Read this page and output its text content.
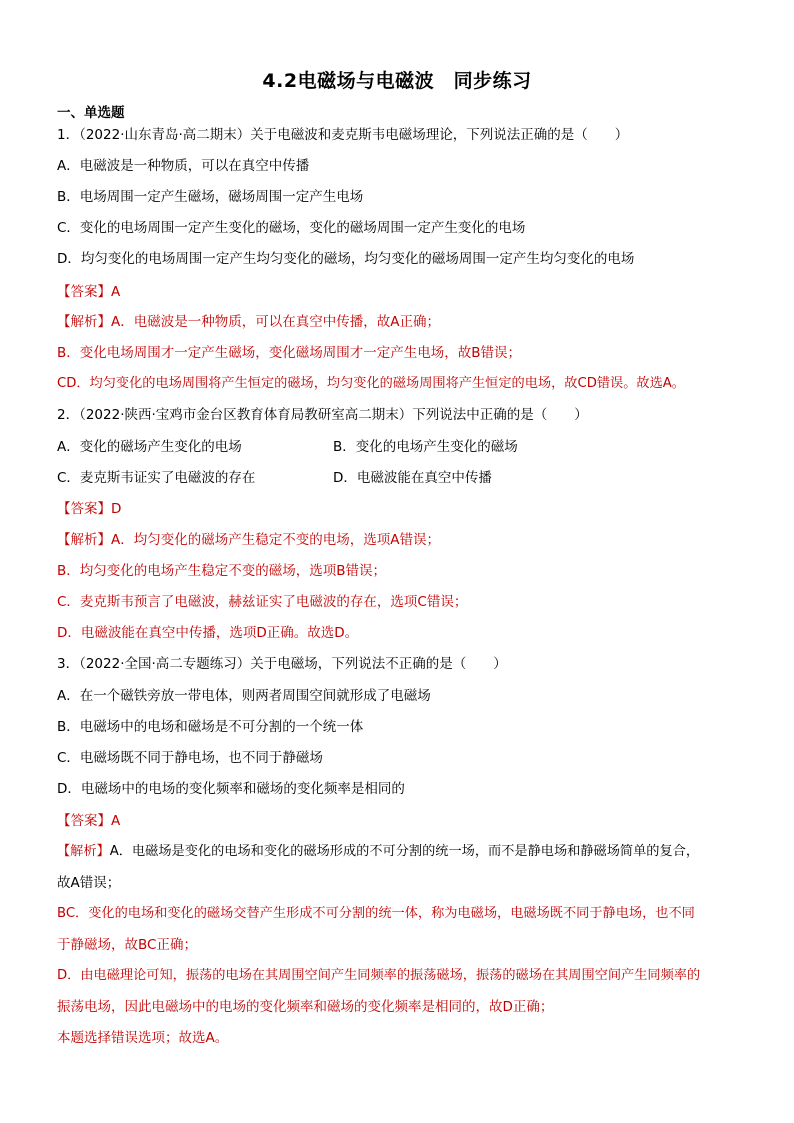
4.2电磁场与电磁波　同步练习
一、单选题
1．（2022·山东青岛·高二期末）关于电磁波和麦克斯韦电磁场理论，下列说法正确的是（　　）
A．电磁波是一种物质，可以在真空中传播
B．电场周围一定产生磁场，磁场周围一定产生电场
C．变化的电场周围一定产生变化的磁场，变化的磁场周围一定产生变化的电场
D．均匀变化的电场周围一定产生均匀变化的磁场，均匀变化的磁场周围一定产生均匀变化的电场
【答案】A
【解析】A．电磁波是一种物质，可以在真空中传播，故A正确；
B．变化电场周围才一定产生磁场，变化磁场周围才一定产生电场，故B错误；
CD．均匀变化的电场周围将产生恒定的磁场，均匀变化的磁场周围将产生恒定的电场，故CD错误。故选A。
2．（2022·陕西·宝鸡市金台区教育体育局教研室高二期末）下列说法中正确的是（　　）
A．变化的磁场产生变化的电场	B．变化的电场产生变化的磁场
C．麦克斯韦证实了电磁波的存在	D．电磁波能在真空中传播
【答案】D
【解析】A．均匀变化的磁场产生稳定不变的电场，选项A错误；
B．均匀变化的电场产生稳定不变的磁场，选项B错误；
C．麦克斯韦预言了电磁波，赫兹证实了电磁波的存在，选项C错误；
D．电磁波能在真空中传播，选项D正确。故选D。
3．（2022·全国·高二专题练习）关于电磁场，下列说法不正确的是（　　）
A．在一个磁铁旁放一带电体，则两者周围空间就形成了电磁场
B．电磁场中的电场和磁场是不可分割的一个统一体
C．电磁场既不同于静电场，也不同于静磁场
D．电磁场中的电场的变化频率和磁场的变化频率是相同的
【答案】A
【解析】A．电磁场是变化的电场和变化的磁场形成的不可分割的统一场，而不是静电场和静磁场简单的复合，
故A错误；
BC．变化的电场和变化的磁场交替产生形成不可分割的统一体，称为电磁场，电磁场既不同于静电场，也不同
于静磁场，故BC正确；
D．由电磁理论可知，振荡的电场在其周围空间产生同频率的振荡磁场，振荡的磁场在其周围空间产生同频率的
振荡电场，因此电磁场中的电场的变化频率和磁场的变化频率是相同的，故D正确；
本题选择错误选项；故选A。
